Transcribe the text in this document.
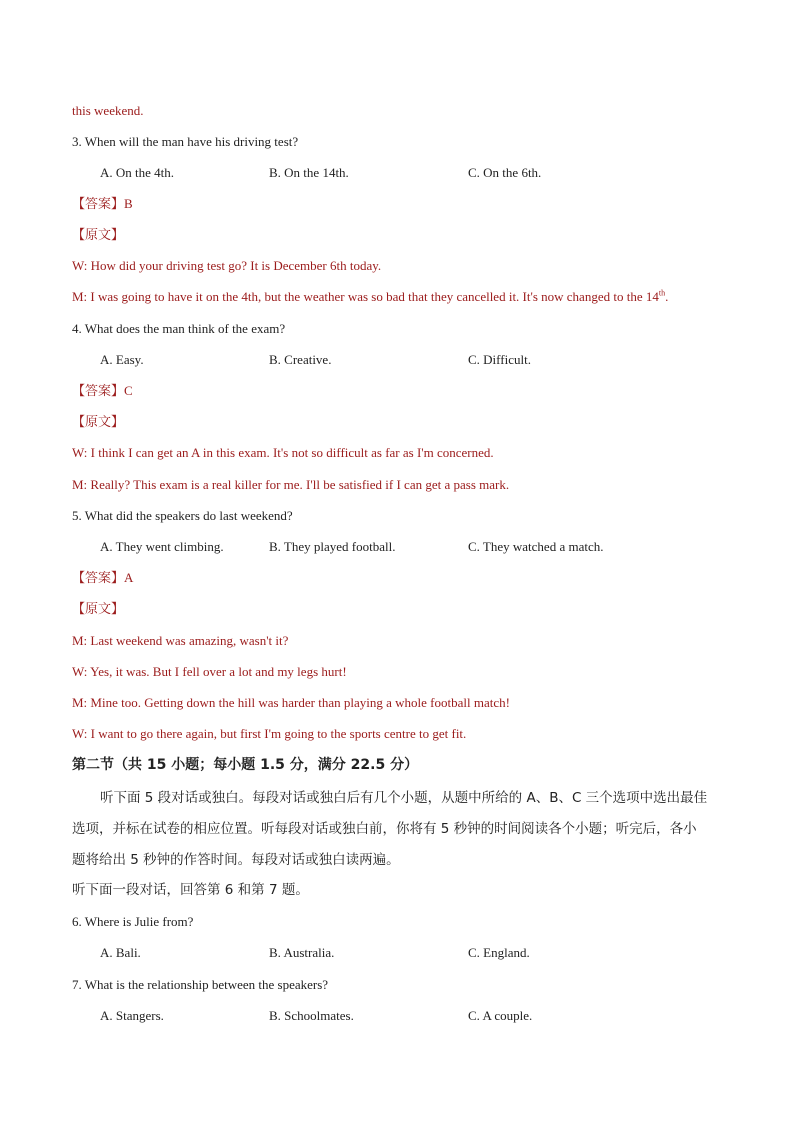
this weekend.
3. When will the man have his driving test?
A. On the 4th.	B. On the 14th.	C. On the 6th.
【答案】B
【原文】
W: How did your driving test go? It is December 6th today.
M: I was going to have it on the 4th, but the weather was so bad that they cancelled it. It's now changed to the 14th.
4. What does the man think of the exam?
A. Easy.	B. Creative.	C. Difficult.
【答案】C
【原文】
W: I think I can get an A in this exam. It's not so difficult as far as I'm concerned.
M: Really? This exam is a real killer for me. I'll be satisfied if I can get a pass mark.
5. What did the speakers do last weekend?
A. They went climbing.	B. They played football.	C. They watched a match.
【答案】A
【原文】
M: Last weekend was amazing, wasn't it?
W: Yes, it was. But I fell over a lot and my legs hurt!
M: Mine too. Getting down the hill was harder than playing a whole football match!
W: I want to go there again, but first I'm going to the sports centre to get fit.
第二节（共 15 小题；每小题 1.5 分，满分 22.5 分）
听下面 5 段对话或独白。每段对话或独白后有几个小题，从题中所给的 A、B、C 三个选项中选出最佳
选项，并标在试卷的相应位置。听每段对话或独白前，你将有 5 秒钟的时间阅读各个小题；听完后，各小
题将给出 5 秒钟的作答时间。每段对话或独白读两遍。
听下面一段对话，回答第 6 和第 7 题。
6. Where is Julie from?
A. Bali.	B. Australia.	C. England.
7. What is the relationship between the speakers?
A. Stangers.	B. Schoolmates.	C. A couple.
